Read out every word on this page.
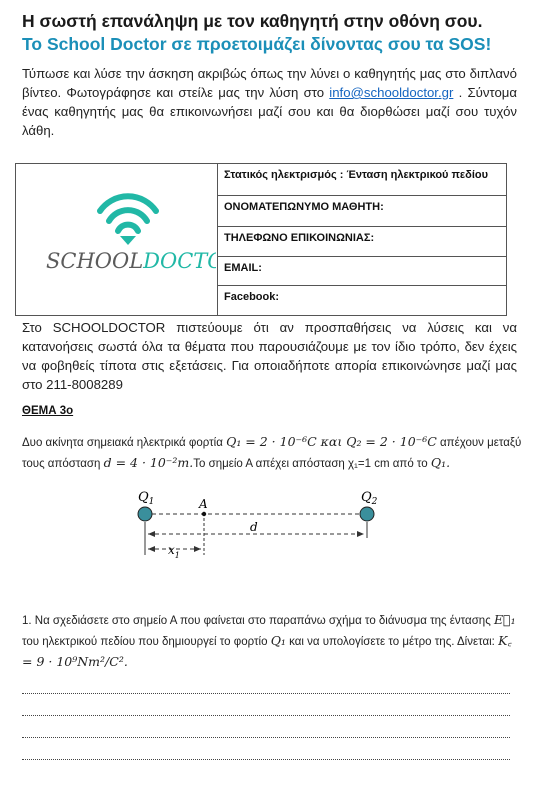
Η σωστή επανάληψη με τον καθηγητή στην οθόνη σου.
Το School Doctor σε προετοιμάζει δίνοντας σου τα SOS!
Τύπωσε και λύσε την άσκηση ακριβώς όπως την λύνει ο καθηγητής μας στο διπλανό βίντεο. Φωτογράφησε και στείλε μας την λύση στο info@schooldoctor.gr . Σύντομα ένας καθηγητής μας θα επικοινωνήσει μαζί σου και θα διορθώσει μαζί σου τυχόν λάθη.
SCHOOLDOCT
Στατικός ηλεκτρισμός : Ένταση ηλεκτρικού πεδίου
ΟΝΟΜΑΤΕΠΩΝΥΜΟ ΜΑΘΗΤΗ:
ΤΗΛΕΦΩΝΟ ΕΠΙΚΟΙΝΩΝΙΑΣ:
EMAIL:
Facebook:
Στο SCHOOLDOCTOR πιστεύουμε ότι αν προσπαθήσεις να λύσεις και να κατανοήσεις σωστά όλα τα θέματα που παρουσιάζουμε με τον ίδιο τρόπο, δεν έχεις να φοβηθείς τίποτα στις εξετάσεις. Για οποιαδήποτε απορία επικοινώνησε μαζί μας στο 211-8008289
ΘΕΜΑ 3ο
Δυο ακίνητα σημειακά ηλεκτρικά φορτία Q₁ = 2 · 10⁻⁶C και Q₂ = 2 · 10⁻⁶C απέχουν μεταξύ τους απόσταση d = 4 · 10⁻²m.Το σημείο Α απέχει απόσταση χ₁=1 cm από το Q₁.
$Q_1$	$Q_2$
A
d
$x_1$
1. Να σχεδιάσετε στο σημείο Α που φαίνεται στο παραπάνω σχήμα το διάνυσμα της έντασης E⃗₁ του ηλεκτρικού πεδίου που δημιουργεί το φορτίο Q₁ και να υπολογίσετε το μέτρο της. Δίνεται: K꜀ = 9 · 10⁹Nm²/C².
